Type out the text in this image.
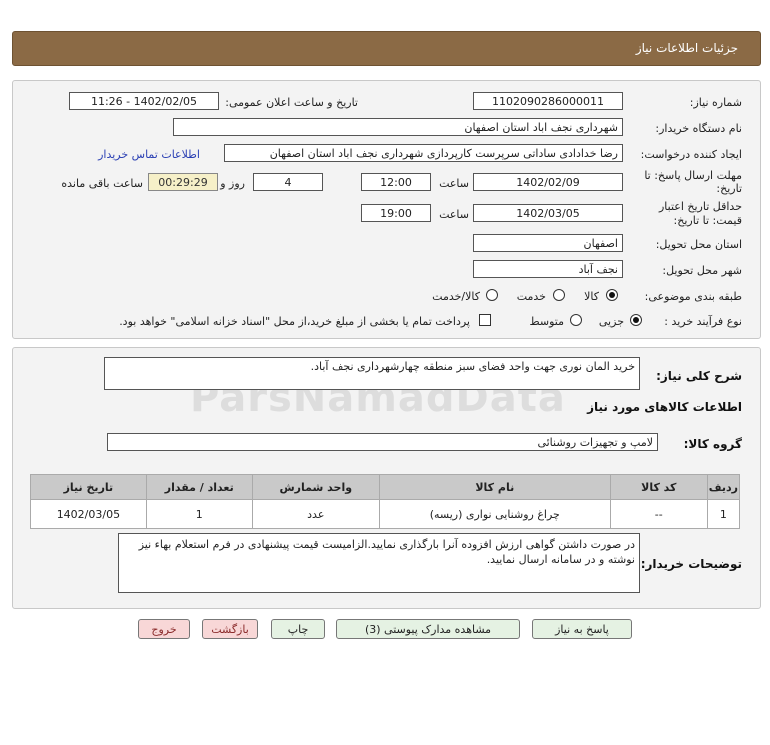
جزئیات اطلاعات نیاز
شماره نیاز:
1102090286000011
تاریخ و ساعت اعلان عمومی:
1402/02/05 - 11:26
نام دستگاه خریدار:
شهرداری نجف اباد استان اصفهان
ایجاد کننده درخواست:
رضا خدادادی ساداتی سرپرست کارپردازی شهرداری نجف اباد استان اصفهان
اطلاعات تماس خریدار
مهلت ارسال پاسخ: تا
تاریخ:
1402/02/09
ساعت
12:00
4
روز و
00:29:29
ساعت باقی مانده
حداقل تاریخ اعتبار
قیمت: تا تاریخ:
1402/03/05
ساعت
19:00
استان محل تحویل:
اصفهان
شهر محل تحویل:
نجف آباد
طبقه بندی موضوعی:
کالا
خدمت
کالا/خدمت
نوع فرآیند خرید :
جزیی
متوسط
پرداخت تمام یا بخشی از مبلغ خرید،از محل "اسناد خزانه اسلامی" خواهد بود.
شرح کلی نیاز:
خرید المان نوری جهت واحد فضای سبز منطقه چهارشهرداری نجف آباد.
اطلاعات کالاهای مورد نیاز
گروه کالا:
لامپ و تجهیزات روشنائی
ردیف	کد کالا	نام کالا	واحد شمارش	تعداد / مقدار	تاریخ نیاز
1	--	چراغ روشنایی نواری (ریسه)	عدد	1	1402/03/05
توضیحات خریدار:
در صورت داشتن گواهی ارزش افزوده آنرا بارگذاری نمایید.الزامیست قیمت پیشنهادی در فرم استعلام بهاء نیز نوشته و در سامانه ارسال نمایید.
پاسخ به نیاز
مشاهده مدارک پیوستی (3)
چاپ
بازگشت
خروج
